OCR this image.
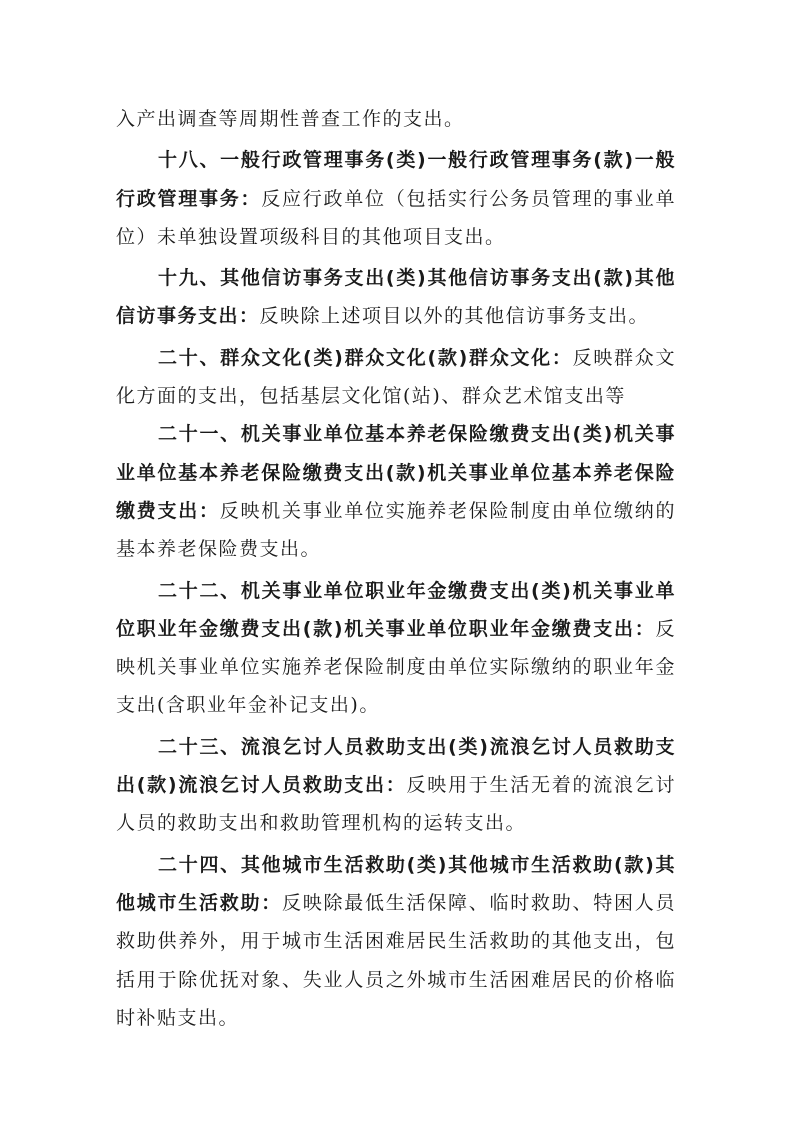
入产出调查等周期性普查工作的支出。

十八、一般行政管理事务(类)一般行政管理事务(款)一般行政管理事务：反应行政单位（包括实行公务员管理的事业单位）未单独设置项级科目的其他项目支出。

十九、其他信访事务支出(类)其他信访事务支出(款)其他信访事务支出：反映除上述项目以外的其他信访事务支出。

二十、群众文化(类)群众文化(款)群众文化：反映群众文化方面的支出，包括基层文化馆(站)、群众艺术馆支出等

二十一、机关事业单位基本养老保险缴费支出(类)机关事业单位基本养老保险缴费支出(款)机关事业单位基本养老保险缴费支出：反映机关事业单位实施养老保险制度由单位缴纳的基本养老保险费支出。

二十二、机关事业单位职业年金缴费支出(类)机关事业单位职业年金缴费支出(款)机关事业单位职业年金缴费支出：反映机关事业单位实施养老保险制度由单位实际缴纳的职业年金支出(含职业年金补记支出)。

二十三、流浪乞讨人员救助支出(类)流浪乞讨人员救助支出(款)流浪乞讨人员救助支出：反映用于生活无着的流浪乞讨人员的救助支出和救助管理机构的运转支出。

二十四、其他城市生活救助(类)其他城市生活救助(款)其他城市生活救助：反映除最低生活保障、临时救助、特困人员救助供养外，用于城市生活困难居民生活救助的其他支出，包括用于除优抚对象、失业人员之外城市生活困难居民的价格临时补贴支出。
